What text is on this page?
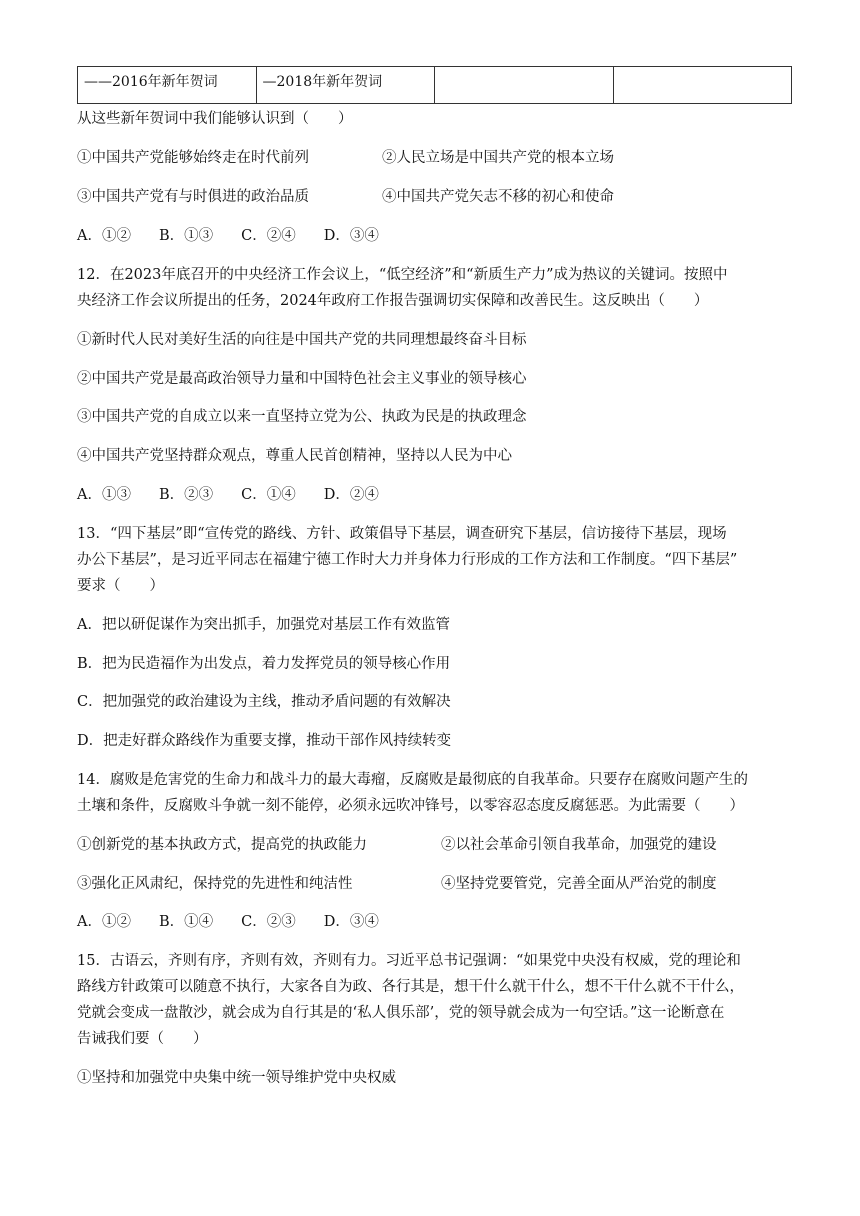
——2016年新年贺词	—2018年新年贺词		
从这些新年贺词中我们能够认识到（　　）
①中国共产党能够始终走在时代前列	②人民立场是中国共产党的根本立场
③中国共产党有与时俱进的政治品质	④中国共产党矢志不移的初心和使命
A．①② B．①③ C．②④ D．③④
12．在2023年底召开的中央经济工作会议上，“低空经济”和“新质生产力”成为热议的关键词。按照中
央经济工作会议所提出的任务，2024年政府工作报告强调切实保障和改善民生。这反映出（　　）
①新时代人民对美好生活的向往是中国共产党的共同理想最终奋斗目标
②中国共产党是最高政治领导力量和中国特色社会主义事业的领导核心
③中国共产党的自成立以来一直坚持立党为公、执政为民是的执政理念
④中国共产党坚持群众观点，尊重人民首创精神，坚持以人民为中心
A．①③ B．②③ C．①④ D．②④
13．“四下基层”即“宣传党的路线、方针、政策倡导下基层，调查研究下基层，信访接待下基层，现场
办公下基层”，是习近平同志在福建宁德工作时大力并身体力行形成的工作方法和工作制度。“四下基层”
要求（　　）
A．把以研促谋作为突出抓手，加强党对基层工作有效监管
B．把为民造福作为出发点，着力发挥党员的领导核心作用
C．把加强党的政治建设为主线，推动矛盾问题的有效解决
D．把走好群众路线作为重要支撑，推动干部作风持续转变
14．腐败是危害党的生命力和战斗力的最大毒瘤，反腐败是最彻底的自我革命。只要存在腐败问题产生的
土壤和条件，反腐败斗争就一刻不能停，必须永远吹冲锋号，以零容忍态度反腐惩恶。为此需要（　　）
①创新党的基本执政方式，提高党的执政能力	②以社会革命引领自我革命，加强党的建设
③强化正风肃纪，保持党的先进性和纯洁性	④坚持党要管党，完善全面从严治党的制度
A．①② B．①④ C．②③ D．③④
15．古语云，齐则有序，齐则有效，齐则有力。习近平总书记强调：“如果党中央没有权威，党的理论和
路线方针政策可以随意不执行，大家各自为政、各行其是，想干什么就干什么，想不干什么就不干什么，
党就会变成一盘散沙，就会成为自行其是的‘私人俱乐部’，党的领导就会成为一句空话。”这一论断意在
告诫我们要（　　）
①坚持和加强党中央集中统一领导维护党中央权威
